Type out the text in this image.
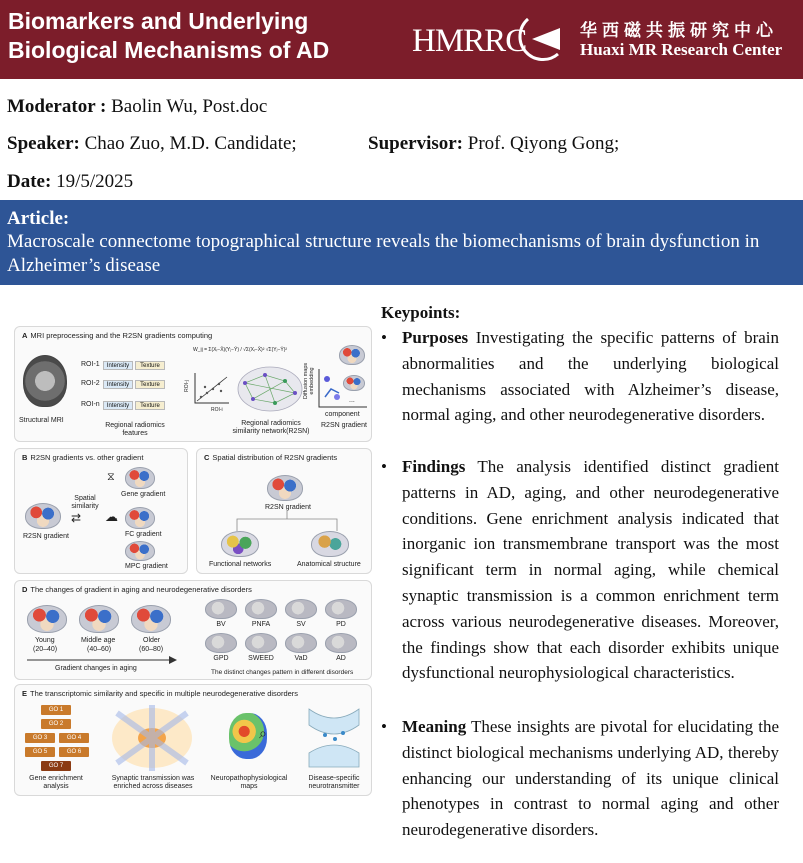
Biomarkers and Underlying
Biological Mechanisms of AD	HMRRC	华西磁共振研究中心
Huaxi MR Research Center
Moderator : Baolin Wu, Post.doc
Speaker: Chao Zuo, M.D. Candidate;	Supervisor: Prof. Qiyong Gong;
Date: 19/5/2025
Article:
Macroscale connectome topographical structure reveals the biomechanisms of brain dysfunction in Alzheimer’s disease
A MRI preprocessing and the R2SN gradients computing
Structural MRI
ROI-1
ROI-2
ROI-n
Intensity	Texture
Intensity	Texture
Intensity	Texture
Regional radiomics features
W_ij = Σ(Xᵢ−X̄)(Yⱼ−Ȳ) / √Σ(Xᵢ−X̄)² √Σ(Yⱼ−Ȳ)²
ROI-j
ROI-i
Regional radiomics similarity network(R2SN)
Diffusion maps embedding
...
component
R2SN gradient
B R2SN gradients vs. other gradient
R2SN gradient
Spatial similarity
⇄
Gene gradient
⧖
FC gradient
☁
MPC gradient
C Spatial distribution of R2SN gradients
R2SN gradient
Functional networks	Anatomical structure
D The changes of gradient in aging and neurodegenerative disorders
Young
(20–40)
Middle age
(40–60)
Older
(60–80)
Gradient changes in aging
BV	PNFA	SV	PD
GPD	SWEED	VaD	AD
The distinct changes pattern in different disorders
E The transcriptomic similarity and specific in multiple neurodegenerative disorders
GO 1
GO 2
GO 3	GO 4
GO 5	GO 6
GO 7
Gene enrichment analysis
Synaptic transmission was enriched across diseases
⌕
Neuropathophysiological maps
Disease-specific neurotransmitter
Keypoints:
• Purposes Investigating the specific patterns of brain abnormalities and the underlying biological mechanisms associated with Alzheimer’s disease, normal aging, and other neurodegenerative disorders.
• Findings The analysis identified distinct gradient patterns in AD, aging, and other neurodegenerative conditions. Gene enrichment analysis indicated that inorganic ion transmembrane transport was the most significant term in normal aging, while chemical synaptic transmission is a common enrichment term across various neurodegenerative diseases. Moreover, the findings show that each disorder exhibits unique dysfunctional neurophysiological characteristics.
• Meaning These insights are pivotal for elucidating the distinct biological mechanisms underlying AD, thereby enhancing our understanding of its unique clinical phenotypes in contrast to normal aging and other neurodegenerative disorders.
